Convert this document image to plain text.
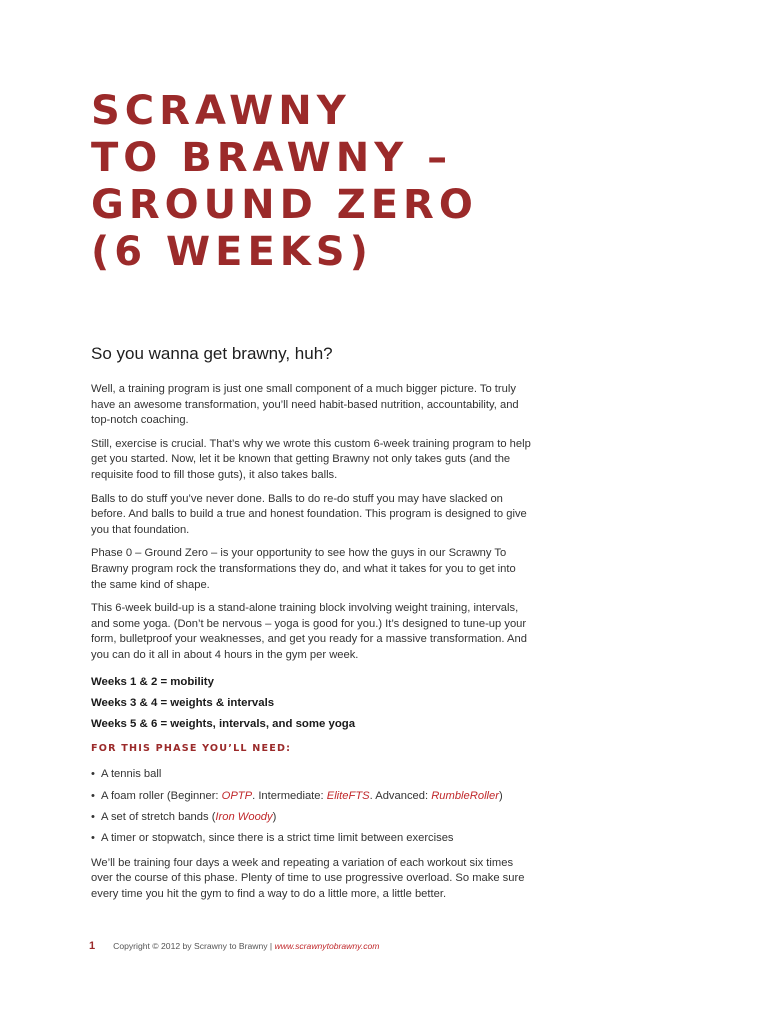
SCRAWNY
TO BRAWNY –
GROUND ZERO
(6 WEEKS)
So you wanna get brawny, huh?

Well, a training program is just one small component of a much bigger picture. To truly have an awesome transformation, you’ll need habit-based nutrition, accountability, and top-notch coaching.

Still, exercise is crucial. That’s why we wrote this custom 6-week training program to help get you started. Now, let it be known that getting Brawny not only takes guts (and the requisite food to fill those guts), it also takes balls.

Balls to do stuff you’ve never done. Balls to do re-do stuff you may have slacked on before. And balls to build a true and honest foundation. This program is designed to give you that foundation.

Phase 0 – Ground Zero – is your opportunity to see how the guys in our Scrawny To Brawny program rock the transformations they do, and what it takes for you to get into the same kind of shape.

This 6-week build-up is a stand-alone training block involving weight training, intervals, and some yoga. (Don’t be nervous – yoga is good for you.) It’s designed to tune-up your form, bulletproof your weaknesses, and get you ready for a massive transformation. And you can do it all in about 4 hours in the gym per week.

Weeks 1 & 2 = mobility
Weeks 3 & 4 = weights & intervals
Weeks 5 & 6 = weights, intervals, and some yoga
FOR THIS PHASE YOU’LL NEED:
• A tennis ball
• A foam roller (Beginner: OPTP. Intermediate: EliteFTS. Advanced: RumbleRoller)
• A set of stretch bands (Iron Woody)
• A timer or stopwatch, since there is a strict time limit between exercises

We’ll be training four days a week and repeating a variation of each workout six times over the course of this phase. Plenty of time to use progressive overload. So make sure every time you hit the gym to find a way to do a little more, a little better.

1 Copyright © 2012 by Scrawny to Brawny | www.scrawnytobrawny.com
